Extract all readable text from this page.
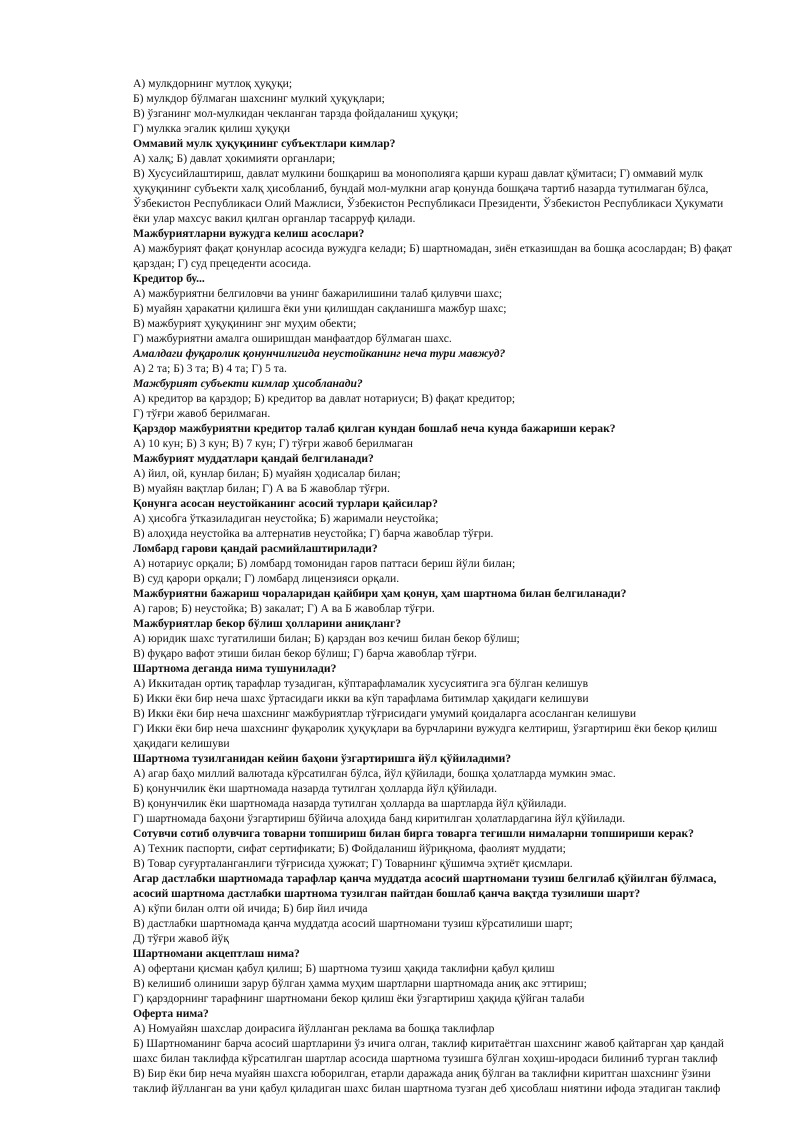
А) мулкдорнинг мутлоқ ҳуқуқи;
Б) мулкдор бўлмаган шахснинг мулкий ҳуқуқлари;
В) ўзганинг мол-мулкидан чекланган тарзда фойдаланиш ҳуқуқи;
Г) мулкка эгалик қилиш ҳуқуқи
Оммавий мулк ҳуқуқининг субъектлари кимлар?
А) халқ; Б) давлат ҳокимияти органлари;
В) Хусусийлаштириш, давлат мулкини бошқариш ва монополияга қарши кураш давлат қўмитаси; Г) оммавий мулк ҳуқуқининг субъекти халқ ҳисобланиб, бундай мол-мулкни агар қонунда бошқача тартиб назарда тутилмаган бўлса, Ўзбекистон Республикаси Олий Мажлиси, Ўзбекистон Республикаси Президенти, Ўзбекистон Республикаси Ҳукумати ёки улар махсус вакил қилган органлар тасарруф қилади.
Мажбуриятларни вужудга келиш асослари?
А) мажбурият фақат қонунлар асосида вужудга келади; Б) шартномадан, зиён етказишдан ва бошқа асослардан; В) фақат қарздан; Г) суд прецеденти асосида.
Кредитор бу...
А) мажбуриятни белгиловчи ва унинг бажарилишини талаб қилувчи шахс;
Б) муайян ҳаракатни қилишга ёки уни қилишдан сақланишга мажбур шахс;
В) мажбурият ҳуқуқининг энг муҳим обекти;
Г) мажбуриятни амалга оширишдан манфаатдор бўлмаган шахс.
Амалдаги фуқаролик қонунчилигида неустойканинг неча тури мавжуд?
А) 2 та; Б) 3 та; В) 4 та; Г) 5 та.
Мажбурият субъекти кимлар ҳисобланади?
А) кредитор ва қарздор; Б) кредитор ва давлат нотариуси; В) фақат кредитор;
Г) тўғри жавоб берилмаган.
Қарздор мажбуриятни кредитор талаб қилган кундан бошлаб неча кунда бажариши керак?
А) 10 кун; Б) 3 кун; В) 7 кун; Г) тўғри жавоб берилмаган
Мажбурият муддатлари қандай белгиланади?
А) йил, ой, кунлар билан; Б) муайян ҳодисалар билан;
В) муайян вақтлар билан; Г) А ва Б жавоблар тўғри.
Қонунга асосан неустойканинг асосий турлари қайсилар?
А) ҳисобга ўтказиладиган неустойка; Б) жаримали неустойка;
В) алоҳида неустойка ва алтернатив неустойка; Г) барча жавоблар тўғри.
Ломбард гарови қандай расмийлаштирилади?
А) нотариус орқали; Б) ломбард томонидан гаров паттаси бериш йўли билан;
В) суд қарори орқали; Г) ломбард лицензияси орқали.
Мажбуриятни бажариш чораларидан қайбири ҳам қонун, ҳам шартнома билан белгиланади?
А) гаров; Б) неустойка; В) закалат; Г) А ва Б жавоблар тўғри.
Мажбуриятлар бекор бўлиш ҳолларини аниқланг?
А) юридик шахс тугатилиши билан; Б) қарздан воз кечиш билан бекор бўлиш;
В) фуқаро вафот этиши билан бекор бўлиш; Г) барча жавоблар тўғри.
Шартнома деганда нима тушунилади?
А) Иккитадан ортиқ тарафлар тузадиган, кўптарафламалик хусусиятига эга бўлган келишув
Б) Икки ёки бир неча шахс ўртасидаги икки ва кўп тарафлама битимлар ҳақидаги келишуви
В) Икки ёки бир неча шахснинг мажбуриятлар тўғрисидаги умумий қоидаларга асосланган келишуви
Г) Икки ёки бир неча шахснинг фуқаролик ҳуқуқлари ва бурчларини вужудга келтириш, ўзгартириш ёки бекор қилиш ҳақидаги келишуви
Шартнома тузилганидан кейин баҳони ўзгартиришга йўл қўйиладими?
А) агар баҳо миллий валютада кўрсатилган бўлса, йўл қўйилади, бошқа ҳолатларда мумкин эмас.
Б) қонунчилик ёки шартномада назарда тутилган ҳолларда йўл қўйилади.
В) қонунчилик ёки шартномада назарда тутилган ҳолларда ва шартларда йўл қўйилади.
Г) шартномада баҳони ўзгартириш бўйича алоҳида банд киритилган ҳолатлардагина йўл қўйилади.
Сотувчи сотиб олувчига товарни топшириш билан бирга товарга тегишли нималарни топшириши керак?
А) Техник паспорти, сифат сертификати; Б) Фойдаланиш йўриқномa, фаолият муддати;
В) Товар суғурталанганлиги тўғрисида ҳужжат; Г) Товарнинг қўшимча эҳтиёт қисмлари.
Агар дастлабки шартномада тарафлар қанча муддатда асосий шартномани тузиш белгилаб қўйилган бўлмаса, асосий шартнома дастлабки шартнома тузилган пайтдан бошлаб қанча вақтда тузилиши шарт?
А) кўпи билан олти ой ичида; Б) бир йил ичида
В) дастлабки шартномада қанча муддатда асосий шартномани тузиш кўрсатилиши шарт;
Д) тўғри жавоб йўқ
Шартномани акцептлаш нима?
А) офертани қисман қабул қилиш; Б) шартнома тузиш ҳақида таклифни қабул қилиш
В) келишиб олиниши зарур бўлган ҳамма муҳим шартларни шартномада аниқ акс эттириш;
Г) қарздорнинг тарафнинг шартномани бекор қилиш ёки ўзгартириш ҳақида қўйган талаби
Оферта нима?
А) Номуайян шахслар доирасига йўлланган реклама ва бошқа таклифлар
Б) Шартноманинг барча асосий шартларини ўз ичига олган, таклиф киритаётган шахснинг жавоб қайтарган ҳар қандай шахс билан таклифда кўрсатилган шартлар асосида шартнома тузишга бўлган хоҳиш-иродаси билиниб турган таклиф
В) Бир ёки бир неча муайян шахсга юборилган, етарли даражада аниқ бўлган ва таклифни киритган шахснинг ўзини таклиф йўлланган ва уни қабул қиладиган шахс билан шартнома тузган деб ҳисоблаш ниятини ифода этадиган таклиф
